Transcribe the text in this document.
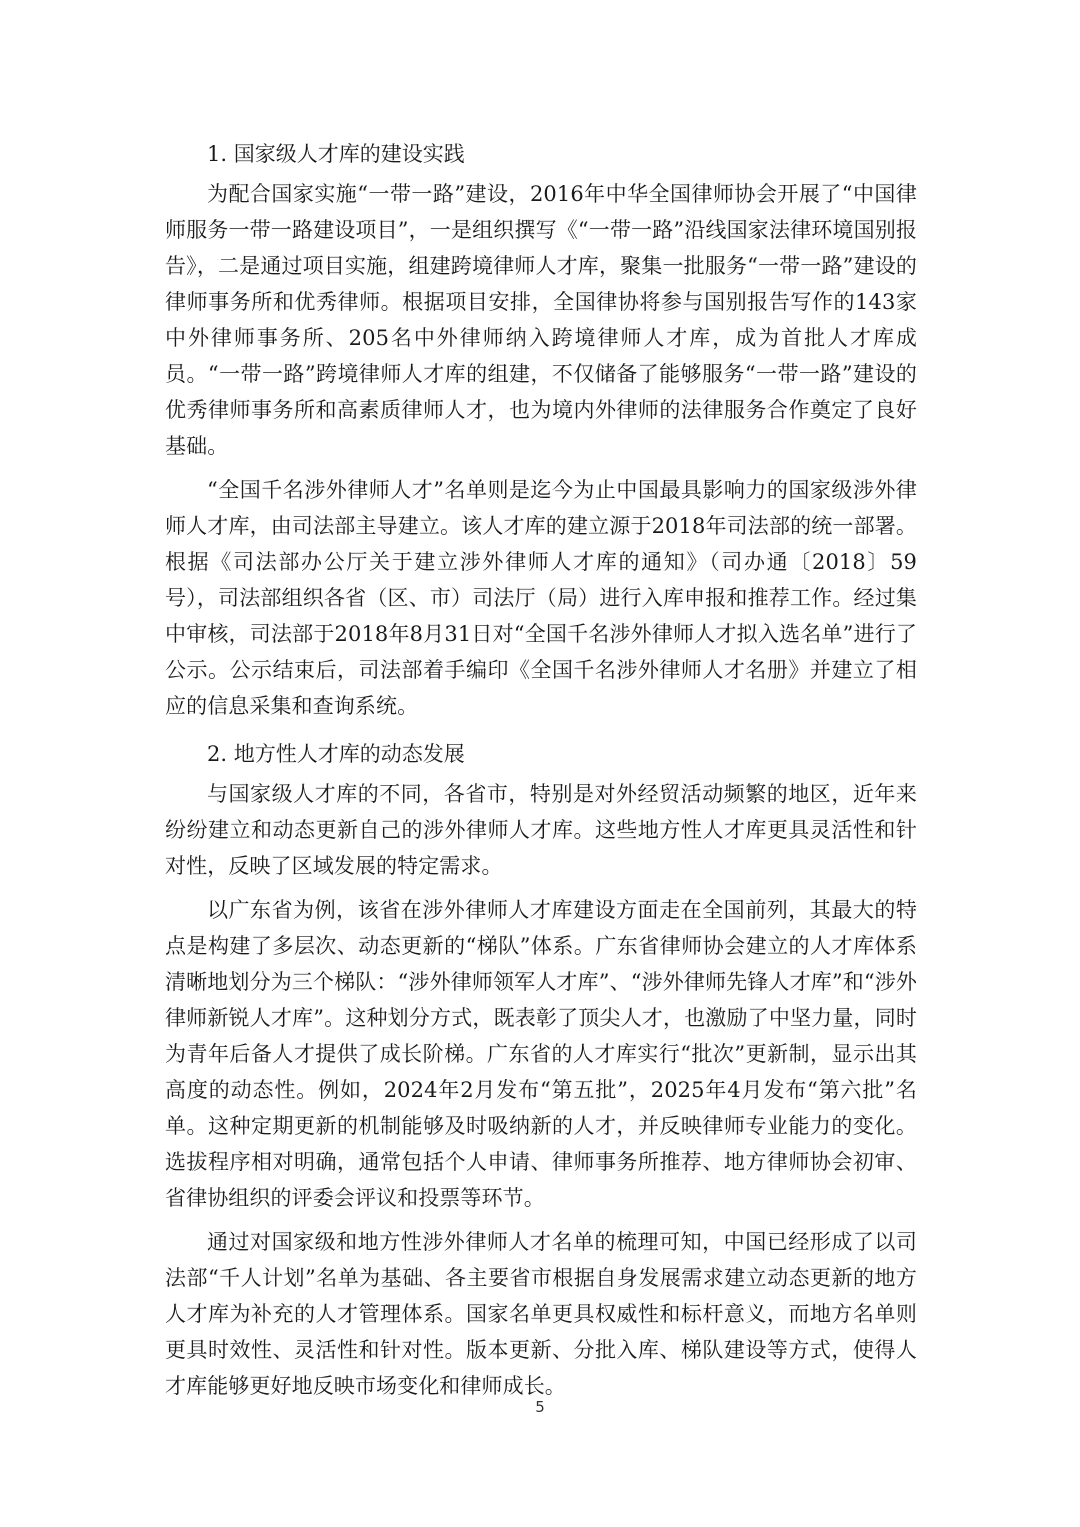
1. 国家级人才库的建设实践

为配合国家实施“一带一路”建设，2016年中华全国律师协会开展了“中国律师服务一带一路建设项目”，一是组织撰写《“一带一路”沿线国家法律环境国别报告》，二是通过项目实施，组建跨境律师人才库，聚集一批服务“一带一路”建设的律师事务所和优秀律师。根据项目安排，全国律协将参与国别报告写作的143家中外律师事务所、205名中外律师纳入跨境律师人才库，成为首批人才库成员。“一带一路”跨境律师人才库的组建，不仅储备了能够服务“一带一路”建设的优秀律师事务所和高素质律师人才，也为境内外律师的法律服务合作奠定了良好基础。

“全国千名涉外律师人才”名单则是迄今为止中国最具影响力的国家级涉外律师人才库，由司法部主导建立。该人才库的建立源于2018年司法部的统一部署。根据《司法部办公厅关于建立涉外律师人才库的通知》（司办通〔2018〕59号），司法部组织各省（区、市）司法厅（局）进行入库申报和推荐工作。经过集中审核，司法部于2018年8月31日对“全国千名涉外律师人才拟入选名单”进行了公示。公示结束后，司法部着手编印《全国千名涉外律师人才名册》并建立了相应的信息采集和查询系统。

2. 地方性人才库的动态发展

与国家级人才库的不同，各省市，特别是对外经贸活动频繁的地区，近年来纷纷建立和动态更新自己的涉外律师人才库。这些地方性人才库更具灵活性和针对性，反映了区域发展的特定需求。

以广东省为例，该省在涉外律师人才库建设方面走在全国前列，其最大的特点是构建了多层次、动态更新的“梯队”体系。广东省律师协会建立的人才库体系清晰地划分为三个梯队：“涉外律师领军人才库”、“涉外律师先锋人才库”和“涉外律师新锐人才库”。这种划分方式，既表彰了顶尖人才，也激励了中坚力量，同时为青年后备人才提供了成长阶梯。广东省的人才库实行“批次”更新制，显示出其高度的动态性。例如，2024年2月发布“第五批”，2025年4月发布“第六批”名单。这种定期更新的机制能够及时吸纳新的人才，并反映律师专业能力的变化。选拔程序相对明确，通常包括个人申请、律师事务所推荐、地方律师协会初审、省律协组织的评委会评议和投票等环节。

通过对国家级和地方性涉外律师人才名单的梳理可知，中国已经形成了以司法部“千人计划”名单为基础、各主要省市根据自身发展需求建立动态更新的地方人才库为补充的人才管理体系。国家名单更具权威性和标杆意义，而地方名单则更具时效性、灵活性和针对性。版本更新、分批入库、梯队建设等方式，使得人才库能够更好地反映市场变化和律师成长。

5
